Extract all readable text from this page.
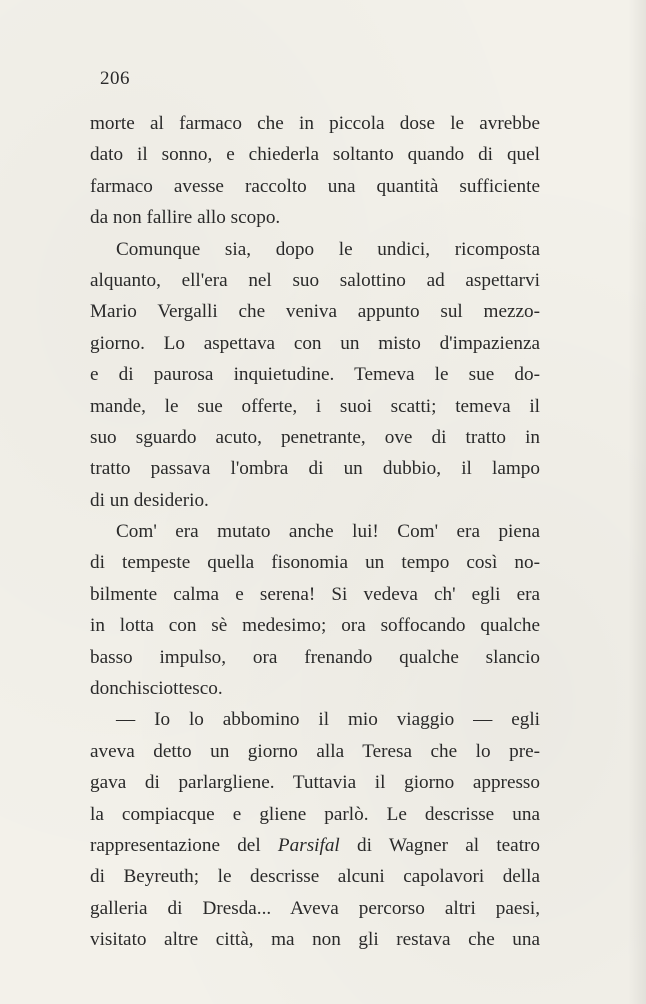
206
morte al farmaco che in piccola dose le avrebbe
dato il sonno, e chiederla soltanto quando di quel
farmaco avesse raccolto una quantità sufficiente
da non fallire allo scopo.
Comunque sia, dopo le undici, ricomposta
alquanto, ell'era nel suo salottino ad aspettarvi
Mario Vergalli che veniva appunto sul mezzo-
giorno. Lo aspettava con un misto d'impazienza
e di paurosa inquietudine. Temeva le sue do-
mande, le sue offerte, i suoi scatti; temeva il
suo sguardo acuto, penetrante, ove di tratto in
tratto passava l'ombra di un dubbio, il lampo
di un desiderio.
Com' era mutato anche lui! Com' era piena
di tempeste quella fisonomia un tempo così no-
bilmente calma e serena! Si vedeva ch' egli era
in lotta con sè medesimo; ora soffocando qualche
basso impulso, ora frenando qualche slancio
donchisciottesco.
— Io lo abbomino il mio viaggio — egli
aveva detto un giorno alla Teresa che lo pre-
gava di parlargliene. Tuttavia il giorno appresso
la compiacque e gliene parlò. Le descrisse una
rappresentazione del Parsifal di Wagner al teatro
di Beyreuth; le descrisse alcuni capolavori della
galleria di Dresda... Aveva percorso altri paesi,
visitato altre città, ma non gli restava che una
